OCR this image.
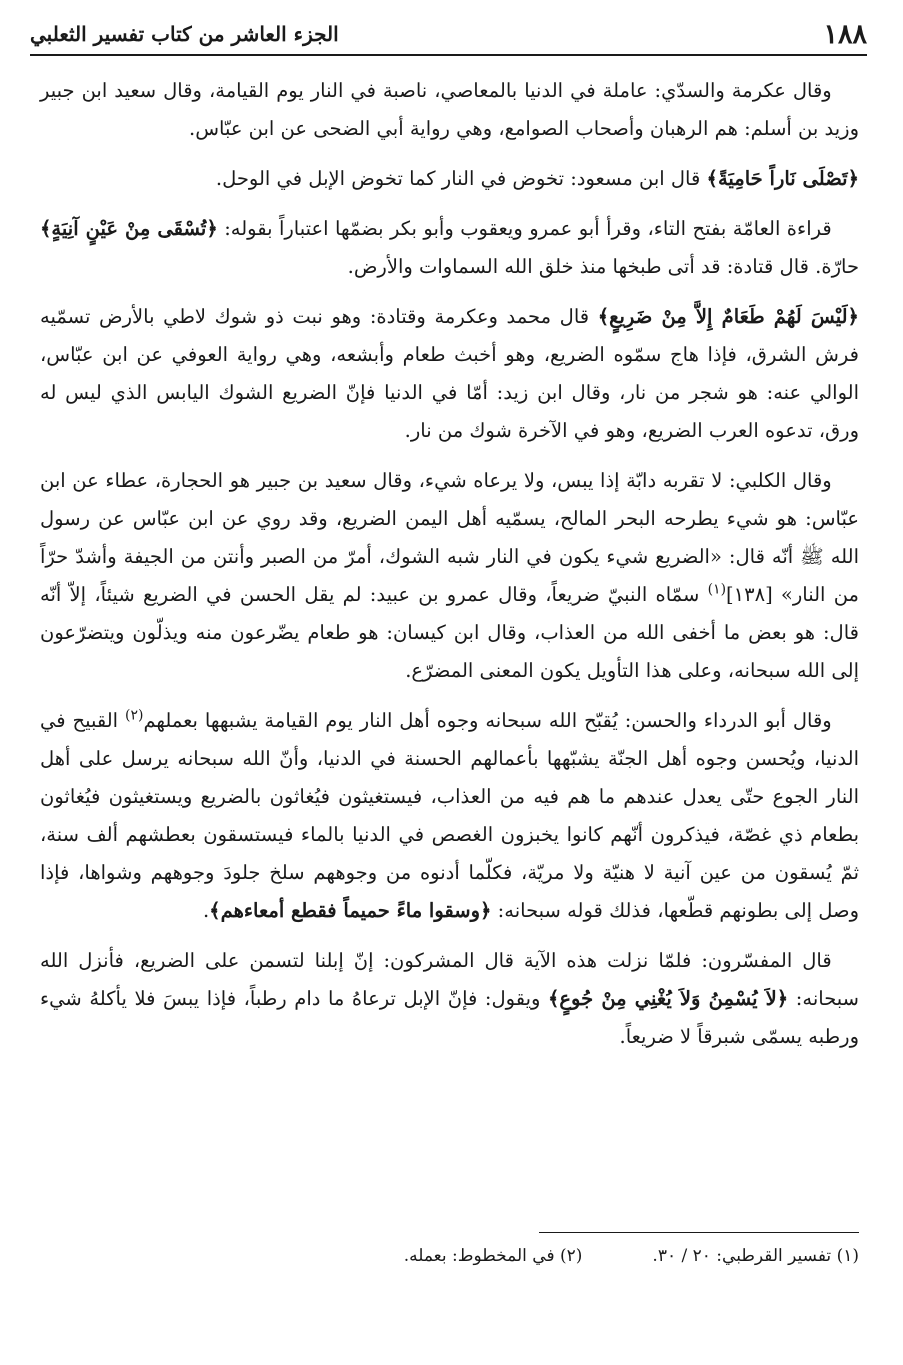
١٨٨
الجزء العاشر من كتاب تفسير الثعلبي

وقال عكرمة والسدّي: عاملة في الدنيا بالمعاصي، ناصبة في النار يوم القيامة، وقال سعيد ابن جبير وزيد بن أسلم: هم الرهبان وأصحاب الصوامع، وهي رواية أبي الضحى عن ابن عبّاس.

﴿تَصْلَى نَاراً حَامِيَةً﴾ قال ابن مسعود: تخوض في النار كما تخوض الإبل في الوحل.

قراءة العامّة بفتح التاء، وقرأ أبو عمرو ويعقوب وأبو بكر بضمّها اعتباراً بقوله: ﴿تُسْقَى مِنْ عَيْنٍ آنِيَةٍ﴾ حارّة. قال قتادة: قد أتى طبخها منذ خلق الله السماوات والأرض.

﴿لَيْسَ لَهُمْ طَعَامٌ إِلاَّ مِنْ ضَرِيعٍ﴾ قال محمد وعكرمة وقتادة: وهو نبت ذو شوك لاطي بالأرض تسمّيه فرش الشرق، فإذا هاج سمّوه الضريع، وهو أخبث طعام وأبشعه، وهي رواية العوفي عن ابن عبّاس، الوالي عنه: هو شجر من نار، وقال ابن زيد: أمّا في الدنيا فإنّ الضريع الشوك اليابس الذي ليس له ورق، تدعوه العرب الضريع، وهو في الآخرة شوك من نار.

وقال الكلبي: لا تقربه دابّة إذا يبس، ولا يرعاه شيء، وقال سعيد بن جبير هو الحجارة، عطاء عن ابن عبّاس: هو شيء يطرحه البحر المالح، يسمّيه أهل اليمن الضريع، وقد روي عن ابن عبّاس عن رسول الله ﷺ أنّه قال: «الضريع شيء يكون في النار شبه الشوك، أمرّ من الصبر وأنتن من الجيفة وأشدّ حرّاً من النار» [١٣٨]$^{(١)}$ سمّاه النبيّ ضريعاً، وقال عمرو بن عبيد: لم يقل الحسن في الضريع شيئاً، إلاّ أنّه قال: هو بعض ما أخفى الله من العذاب، وقال ابن كيسان: هو طعام يضّرعون منه ويذلّون ويتضرّعون إلى الله سبحانه، وعلى هذا التأويل يكون المعنى المضرّع.

وقال أبو الدرداء والحسن: يُقبّح الله سبحانه وجوه أهل النار يوم القيامة يشبهها بعملهم$^{(٢)}$ القبيح في الدنيا، ويُحسن وجوه أهل الجنّة يشبّهها بأعمالهم الحسنة في الدنيا، وأنّ الله سبحانه يرسل على أهل النار الجوع حتّى يعدل عندهم ما هم فيه من العذاب، فيستغيثون فيُغاثون بالضريع ويستغيثون فيُغاثون بطعام ذي غصّة، فيذكرون أنّهم كانوا يخبزون الغصص في الدنيا بالماء فيستسقون بعطشهم ألف سنة، ثمّ يُسقون من عين آنية لا هنيّة ولا مريّة، فكلّما أدنوه من وجوههم سلخ جلودَ وجوههم وشواها، فإذا وصل إلى بطونهم قطّعها، فذلك قوله سبحانه: ﴿وسقوا ماءً حميماً فقطع أمعاءهم﴾.

قال المفسّرون: فلمّا نزلت هذه الآية قال المشركون: إنّ إبلنا لتسمن على الضريع، فأنزل الله سبحانه: ﴿لاَ يُسْمِنُ وَلاَ يُغْنِي مِنْ جُوعٍ﴾ ويقول: فإنّ الإبل ترعاهُ ما دام رطباً، فإذا يبسَ فلا يأكلهُ شيء ورطبه يسمّى شبرقاً لا ضريعاً.

(١) تفسير القرطبي: ٢٠ / ٣٠.
(٢) في المخطوط: بعمله.
